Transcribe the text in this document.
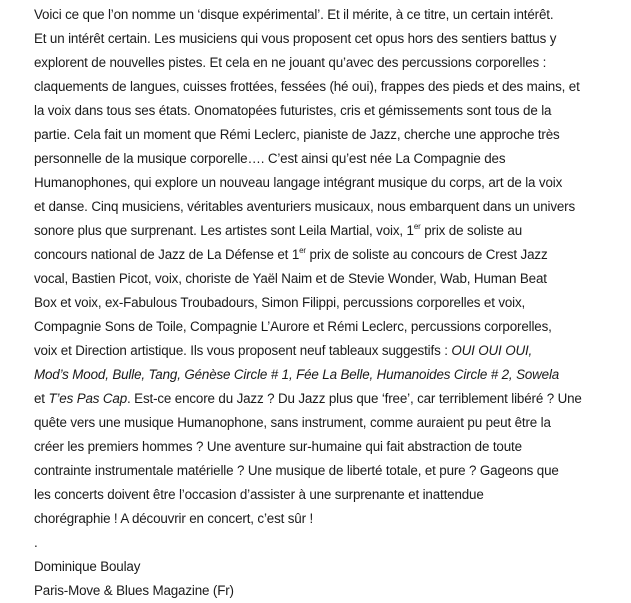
Voici ce que l’on nomme un ‘disque expérimental’. Et il mérite, à ce titre, un certain intérêt.
Et un intérêt certain. Les musiciens qui vous proposent cet opus hors des sentiers battus y
explorent de nouvelles pistes. Et cela en ne jouant qu’avec des percussions corporelles :
claquements de langues, cuisses frottées, fessées (hé oui), frappes des pieds et des mains, et
la voix dans tous ses états. Onomatopées futuristes, cris et gémissements sont tous de la
partie. Cela fait un moment que Rémi Leclerc, pianiste de Jazz, cherche une approche très
personnelle de la musique corporelle…. C’est ainsi qu’est née La Compagnie des
Humanophones, qui explore un nouveau langage intégrant musique du corps, art de la voix
et danse. Cinq musiciens, véritables aventuriers musicaux, nous embarquent dans un univers
sonore plus que surprenant. Les artistes sont Leila Martial, voix, 1er prix de soliste au
concours national de Jazz de La Défense et 1er prix de soliste au concours de Crest Jazz
vocal, Bastien Picot, voix, choriste de Yaël Naim et de Stevie Wonder, Wab, Human Beat
Box et voix, ex-Fabulous Troubadours, Simon Filippi, percussions corporelles et voix,
Compagnie Sons de Toile, Compagnie L’Aurore et Rémi Leclerc, percussions corporelles,
voix et Direction artistique. Ils vous proposent neuf tableaux suggestifs : OUI OUI OUI,
Mod’s Mood, Bulle, Tang, Génèse Circle # 1, Fée La Belle, Humanoides Circle # 2, Sowela
et T’es Pas Cap. Est-ce encore du Jazz ? Du Jazz plus que ‘free’, car terriblement libéré ? Une
quête vers une musique Humanophone, sans instrument, comme auraient pu peut être la
créer les premiers hommes ? Une aventure sur-humaine qui fait abstraction de toute
contrainte instrumentale matérielle ? Une musique de liberté totale, et pure ? Gageons que
les concerts doivent être l’occasion d’assister à une surprenante et inattendue
chorégraphie ! A découvrir en concert, c’est sûr !
.
Dominique Boulay
Paris-Move & Blues Magazine (Fr)
